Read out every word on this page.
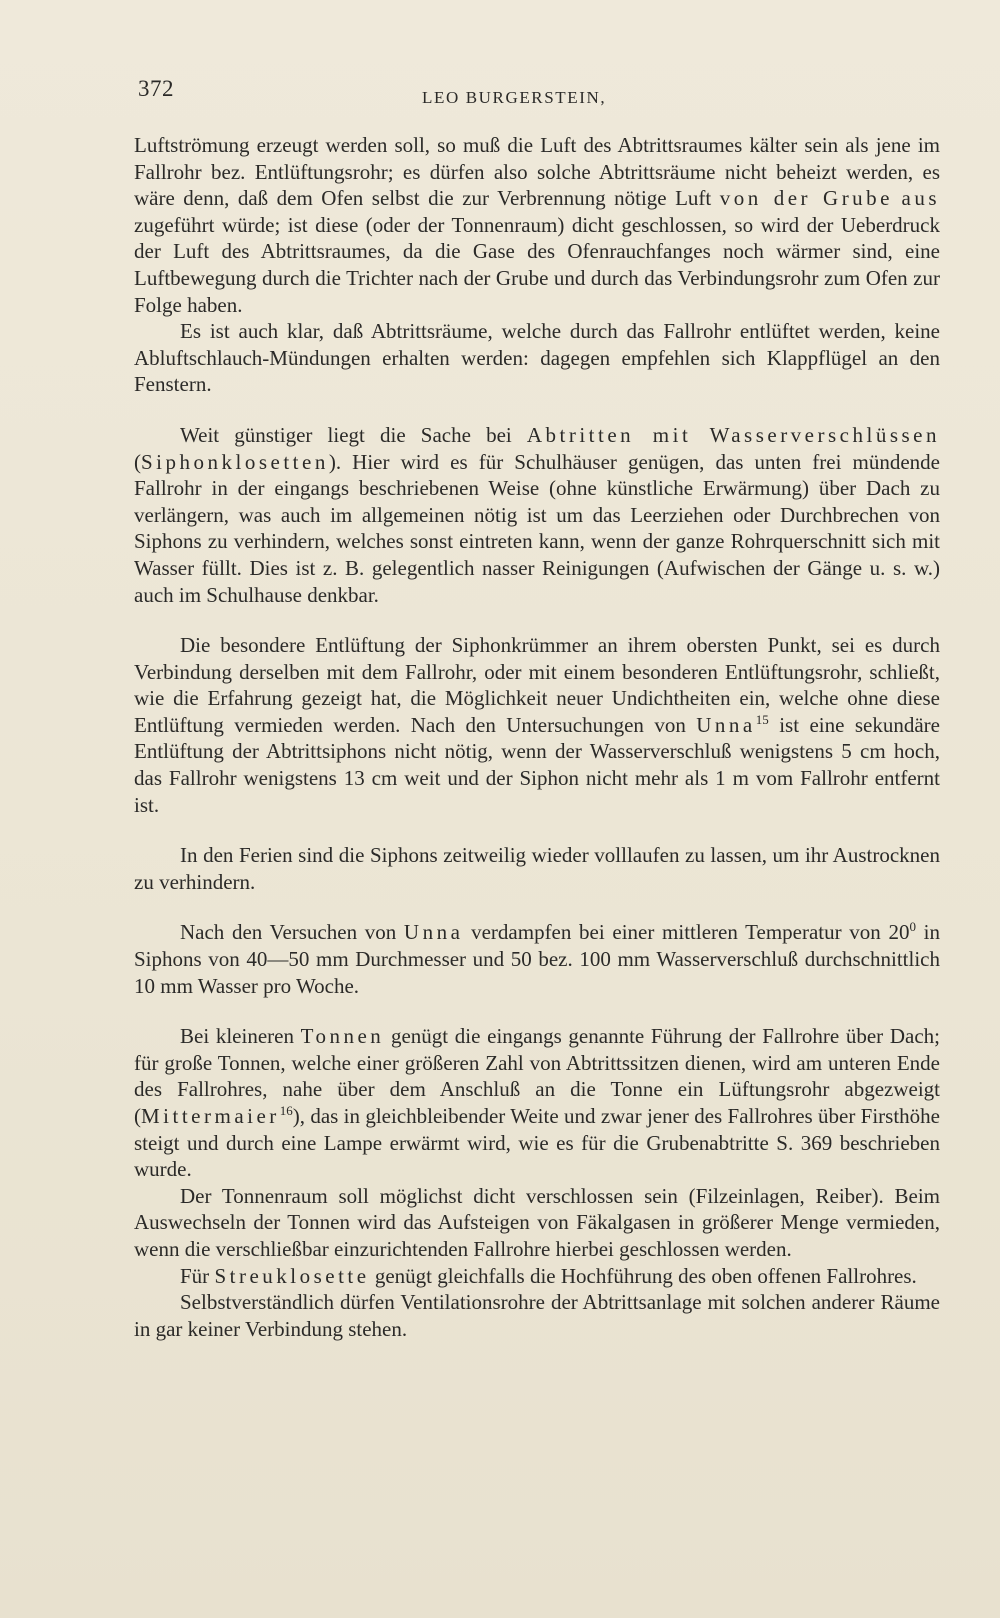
372	LEO BURGERSTEIN,

Luftströmung erzeugt werden soll, so muß die Luft des Abtrittsraumes kälter sein als jene im Fallrohr bez. Entlüftungsrohr; es dürfen also solche Abtrittsräume nicht beheizt werden, es wäre denn, daß dem Ofen selbst die zur Verbrennung nötige Luft von der Grube aus zugeführt würde; ist diese (oder der Tonnenraum) dicht geschlossen, so wird der Ueberdruck der Luft des Abtrittsraumes, da die Gase des Ofenrauchfanges noch wärmer sind, eine Luftbewegung durch die Trichter nach der Grube und durch das Verbindungsrohr zum Ofen zur Folge haben.

Es ist auch klar, daß Abtrittsräume, welche durch das Fallrohr entlüftet werden, keine Abluftschlauch-Mündungen erhalten werden: dagegen empfehlen sich Klappflügel an den Fenstern.

Weit günstiger liegt die Sache bei Abtritten mit Wasserverschlüssen (Siphonklosetten). Hier wird es für Schulhäuser genügen, das unten frei mündende Fallrohr in der eingangs beschriebenen Weise (ohne künstliche Erwärmung) über Dach zu verlängern, was auch im allgemeinen nötig ist um das Leerziehen oder Durchbrechen von Siphons zu verhindern, welches sonst eintreten kann, wenn der ganze Rohrquerschnitt sich mit Wasser füllt. Dies ist z. B. gelegentlich nasser Reinigungen (Aufwischen der Gänge u. s. w.) auch im Schulhause denkbar.

Die besondere Entlüftung der Siphonkrümmer an ihrem obersten Punkt, sei es durch Verbindung derselben mit dem Fallrohr, oder mit einem besonderen Entlüftungsrohr, schließt, wie die Erfahrung gezeigt hat, die Möglichkeit neuer Undichtheiten ein, welche ohne diese Entlüftung vermieden werden. Nach den Untersuchungen von Unna$^{15}$ ist eine sekundäre Entlüftung der Abtrittsiphons nicht nötig, wenn der Wasserverschluß wenigstens 5 cm hoch, das Fallrohr wenigstens 13 cm weit und der Siphon nicht mehr als 1 m vom Fallrohr entfernt ist.

In den Ferien sind die Siphons zeitweilig wieder volllaufen zu lassen, um ihr Austrocknen zu verhindern.

Nach den Versuchen von Unna verdampfen bei einer mittleren Temperatur von $20^0$ in Siphons von 40—50 mm Durchmesser und 50 bez. 100 mm Wasserverschluß durchschnittlich 10 mm Wasser pro Woche.

Bei kleineren Tonnen genügt die eingangs genannte Führung der Fallrohre über Dach; für große Tonnen, welche einer größeren Zahl von Abtrittssitzen dienen, wird am unteren Ende des Fallrohres, nahe über dem Anschluß an die Tonne ein Lüftungsrohr abgezweigt (Mittermaier$^{16}$), das in gleichbleibender Weite und zwar jener des Fallrohres über Firsthöhe steigt und durch eine Lampe erwärmt wird, wie es für die Grubenabtritte S. 369 beschrieben wurde.

Der Tonnenraum soll möglichst dicht verschlossen sein (Filzeinlagen, Reiber). Beim Auswechseln der Tonnen wird das Aufsteigen von Fäkalgasen in größerer Menge vermieden, wenn die verschließbar einzurichtenden Fallrohre hierbei geschlossen werden.

Für Streuklosette genügt gleichfalls die Hochführung des oben offenen Fallrohres.

Selbstverständlich dürfen Ventilationsrohre der Abtrittsanlage mit solchen anderer Räume in gar keiner Verbindung stehen.
